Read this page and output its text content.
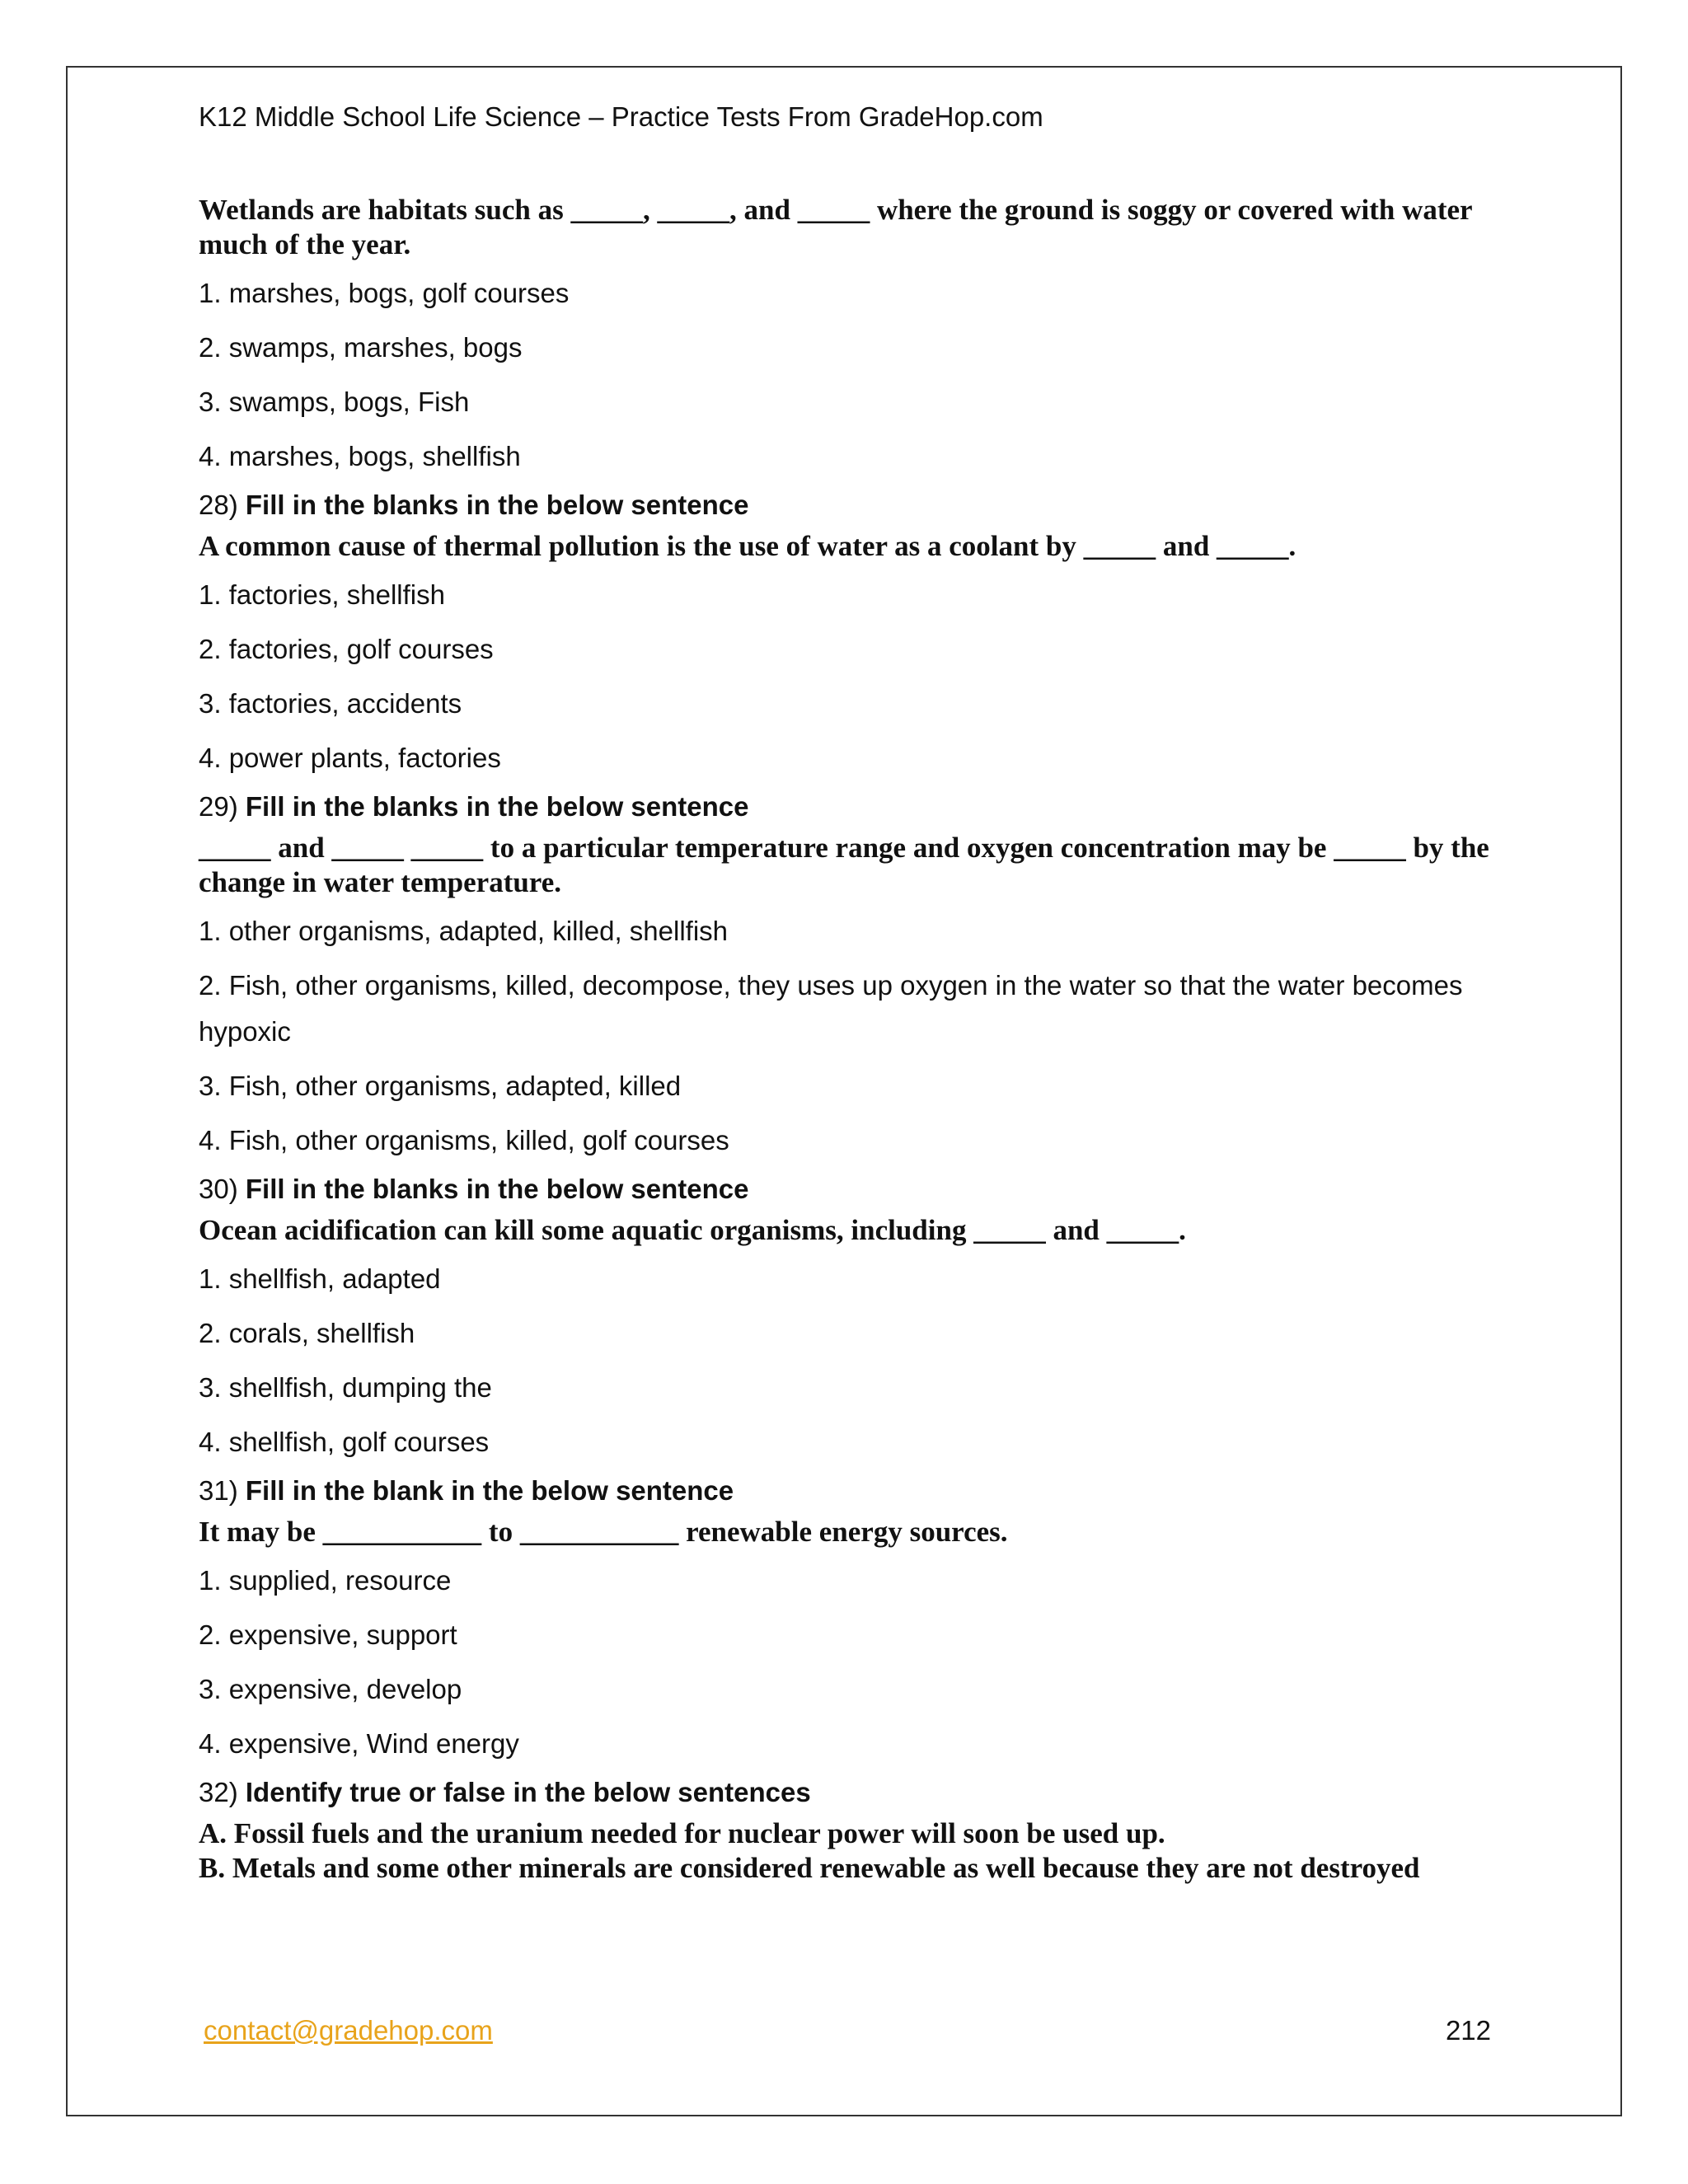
K12 Middle School Life Science – Practice Tests From GradeHop.com
Wetlands are habitats such as _____, _____, and _____ where the ground is soggy or covered with water much of the year.
1. marshes, bogs, golf courses
2. swamps, marshes, bogs
3. swamps, bogs, Fish
4. marshes, bogs, shellfish
28) Fill in the blanks in the below sentence
A common cause of thermal pollution is the use of water as a coolant by _____ and _____.
1. factories, shellfish
2. factories, golf courses
3. factories, accidents
4. power plants, factories
29) Fill in the blanks in the below sentence
_____ and _____ _____ to a particular temperature range and oxygen concentration may be _____ by the change in water temperature.
1. other organisms, adapted, killed, shellfish
2. Fish, other organisms, killed, decompose, they uses up oxygen in the water so that the water becomes hypoxic
3. Fish, other organisms, adapted, killed
4. Fish, other organisms, killed, golf courses
30) Fill in the blanks in the below sentence
Ocean acidification can kill some aquatic organisms, including _____ and _____.
1. shellfish, adapted
2. corals, shellfish
3. shellfish, dumping the
4. shellfish, golf courses
31) Fill in the blank in the below sentence
It may be ___________ to ___________ renewable energy sources.
1. supplied, resource
2. expensive, support
3. expensive, develop
4. expensive, Wind energy
32) Identify true or false in the below sentences
A. Fossil fuels and the uranium needed for nuclear power will soon be used up.
B. Metals and some other minerals are considered renewable as well because they are not destroyed
contact@gradehop.com	212
